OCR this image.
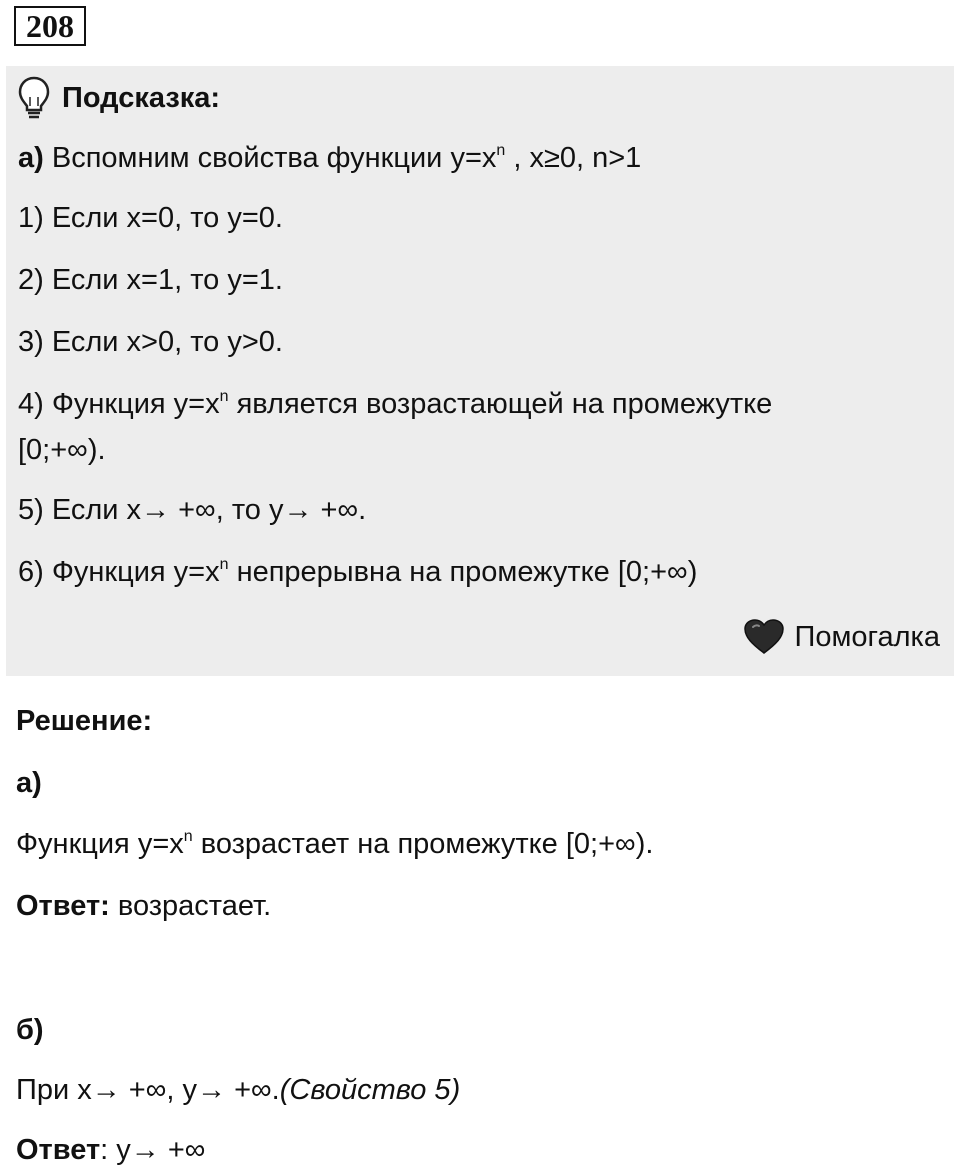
208
Подсказка:
а) Вспомним свойства функции $y=x^n$ , x≥0, n>1
1) Если x=0, то y=0.
2) Если x=1, то y=1.
3) Если x>0, то y>0.
4) Функция $y=x^n$ является возрастающей на промежутке
[0;+∞).
5) Если x→ +∞, то y→ +∞.
6) Функция $y=x^n$ непрерывна на промежутке [0;+∞)
Помогалка
Решение:
а)
Функция $y=x^n$ возрастает на промежутке [0;+∞).
Ответ: возрастает.
б)
При x→ +∞, y→ +∞.(Свойство 5)
Ответ: y→ +∞
